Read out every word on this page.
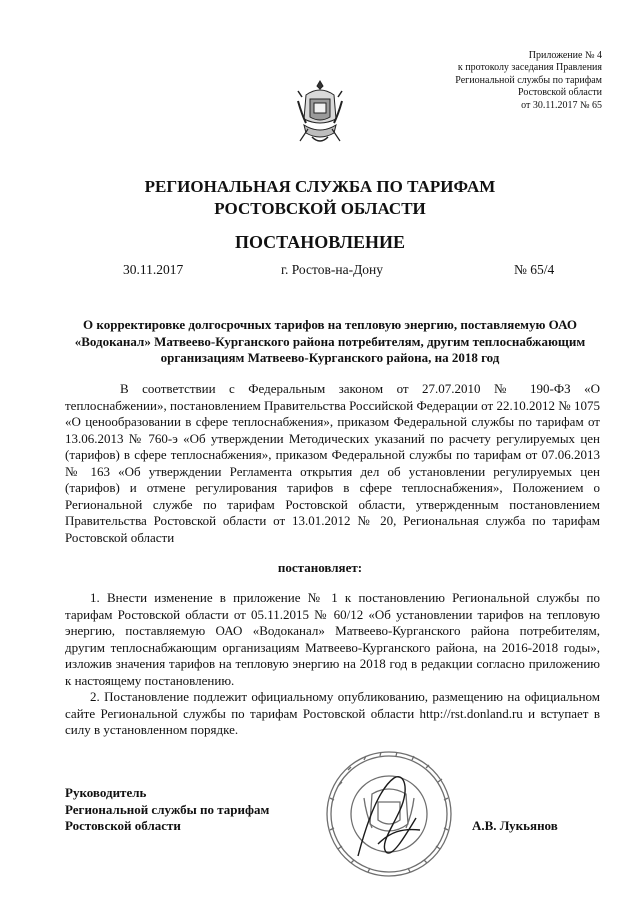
Приложение № 4
к протоколу заседания Правления
Региональной службы по тарифам
Ростовской области
от 30.11.2017 № 65
РЕГИОНАЛЬНАЯ СЛУЖБА ПО ТАРИФАМ
РОСТОВСКОЙ ОБЛАСТИ
ПОСТАНОВЛЕНИЕ
30.11.2017	г. Ростов-на-Дону	№ 65/4
О корректировке долгосрочных тарифов на тепловую энергию, поставляемую ОАО «Водоканал» Матвеево-Курганского района потребителям, другим теплоснабжающим организациям Матвеево-Курганского района, на 2018 год

В соответствии с Федеральным законом от 27.07.2010 № 190-ФЗ «О теплоснабжении», постановлением Правительства Российской Федерации от 22.10.2012 № 1075 «О ценообразовании в сфере теплоснабжения», приказом Федеральной службы по тарифам от 13.06.2013 № 760-э «Об утверждении Методических указаний по расчету регулируемых цен (тарифов) в сфере теплоснабжения», приказом Федеральной службы по тарифам от 07.06.2013 № 163 «Об утверждении Регламента открытия дел об установлении регулируемых цен (тарифов) и отмене регулирования тарифов в сфере теплоснабжения», Положением о Региональной службе по тарифам Ростовской области, утвержденным постановлением Правительства Ростовской области от 13.01.2012 № 20, Региональная служба по тарифам Ростовской области

постановляет:

1. Внести изменение в приложение № 1 к постановлению Региональной службы по тарифам Ростовской области от 05.11.2015 № 60/12 «Об установлении тарифов на тепловую энергию, поставляемую ОАО «Водоканал» Матвеево-Курганского района потребителям, другим теплоснабжающим организациям Матвеево-Курганского района, на 2016-2018 годы», изложив значения тарифов на тепловую энергию на 2018 год в редакции согласно приложению к настоящему постановлению.

2. Постановление подлежит официальному опубликованию, размещению на официальном сайте Региональной службы по тарифам Ростовской области http://rst.donland.ru и вступает в силу в установленном порядке.

Руководитель
Региональной службы по тарифам
Ростовской области	А.В. Лукьянов
